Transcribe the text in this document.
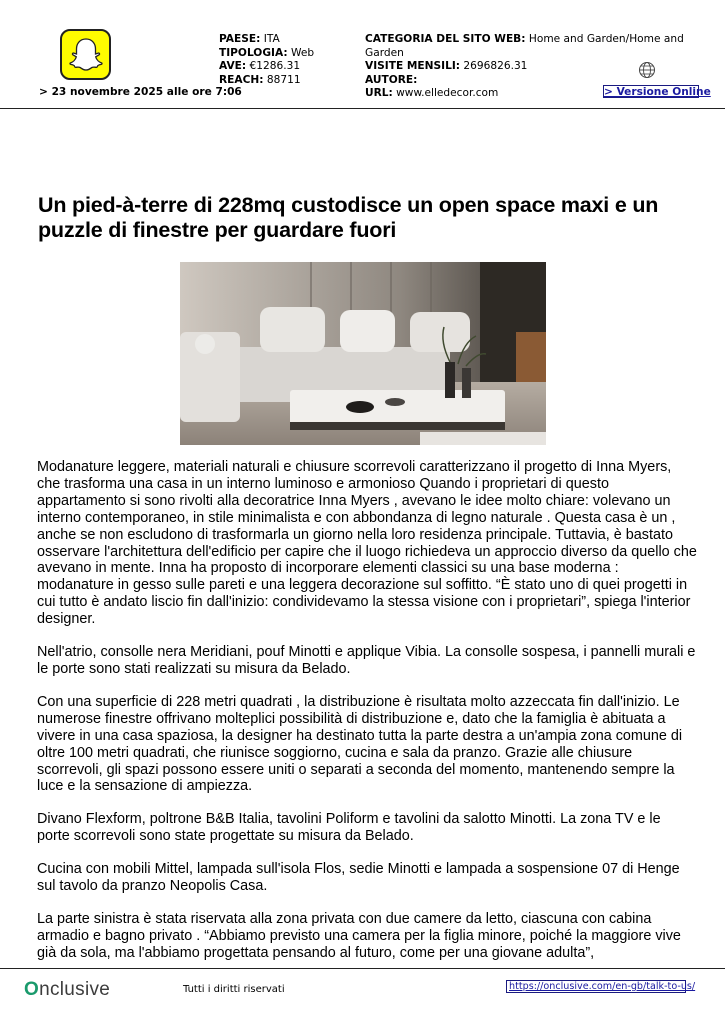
PAESE: ITA
TIPOLOGIA: Web
AVE: €1286.31
REACH: 88711
CATEGORIA DEL SITO WEB: Home and Garden/Home and Garden
VISITE MENSILI: 2696826.31
AUTORE:
URL: www.elledecor.com
> 23 novembre 2025 alle ore 7:06	> Versione Online
Un pied-à-terre di 228mq custodisce un open space maxi e un puzzle di finestre per guardare fuori

Modanature leggere, materiali naturali e chiusure scorrevoli caratterizzano il progetto di Inna Myers, che trasforma una casa in un interno luminoso e armonioso Quando i proprietari di questo appartamento si sono rivolti alla decoratrice Inna Myers , avevano le idee molto chiare: volevano un interno contemporaneo, in stile minimalista e con abbondanza di legno naturale . Questa casa è un , anche se non escludono di trasformarla un giorno nella loro residenza principale. Tuttavia, è bastato osservare l'architettura dell'edificio per capire che il luogo richiedeva un approccio diverso da quello che avevano in mente. Inna ha proposto di incorporare elementi classici su una base moderna : modanature in gesso sulle pareti e una leggera decorazione sul soffitto. “È stato uno di quei progetti in cui tutto è andato liscio fin dall'inizio: condividevamo la stessa visione con i proprietari”, spiega l'interior designer.

Nell'atrio, consolle nera Meridiani, pouf Minotti e applique Vibia. La consolle sospesa, i pannelli murali e le porte sono stati realizzati su misura da Belado.

Con una superficie di 228 metri quadrati , la distribuzione è risultata molto azzeccata fin dall'inizio. Le numerose finestre offrivano molteplici possibilità di distribuzione e, dato che la famiglia è abituata a vivere in una casa spaziosa, la designer ha destinato tutta la parte destra a un'ampia zona comune di oltre 100 metri quadrati, che riunisce soggiorno, cucina e sala da pranzo. Grazie alle chiusure scorrevoli, gli spazi possono essere uniti o separati a seconda del momento, mantenendo sempre la luce e la sensazione di ampiezza.

Divano Flexform, poltrone B&B Italia, tavolini Poliform e tavolini da salotto Minotti. La zona TV e le porte scorrevoli sono state progettate su misura da Belado.

Cucina con mobili Mittel, lampada sull'isola Flos, sedie Minotti e lampada a sospensione 07 di Henge sul tavolo da pranzo Neopolis Casa.

La parte sinistra è stata riservata alla zona privata con due camere da letto, ciascuna con cabina armadio e bagno privato . “Abbiamo previsto una camera per la figlia minore, poiché la maggiore vive già da sola, ma l'abbiamo progettata pensando al futuro, come per una giovane adulta”,

Onclusive	Tutti i diritti riservati	https://onclusive.com/en-gb/talk-to-us/
